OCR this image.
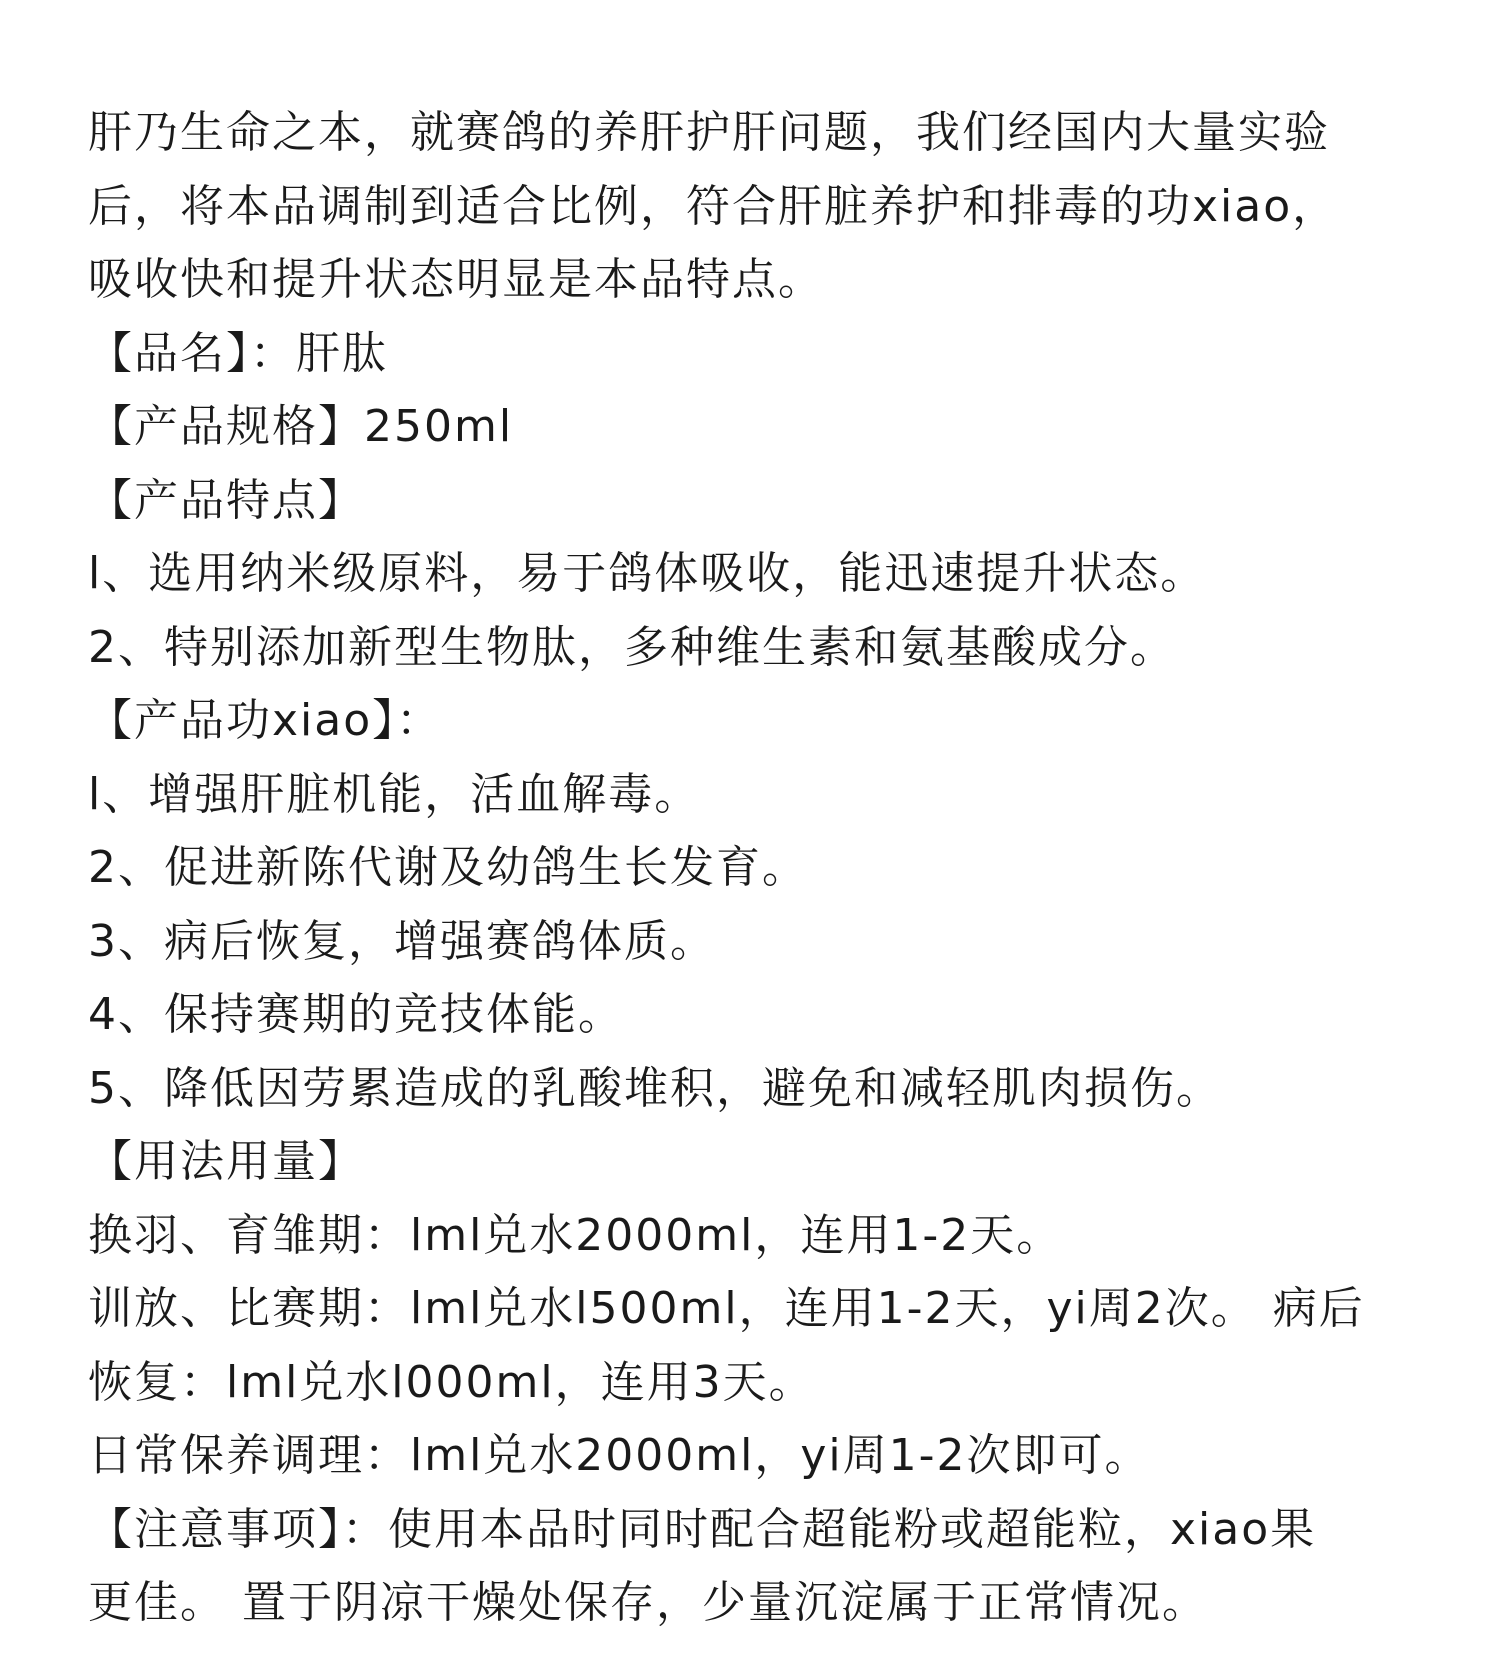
肝乃生命之本，就赛鸽的养肝护肝问题，我们经国内大量实验
后，将本品调制到适合比例，符合肝脏养护和排毒的功xiao，
吸收快和提升状态明显是本品特点。
【品名】：肝肽
【产品规格】250ml
【产品特点】
l、选用纳米级原料，易于鸽体吸收，能迅速提升状态。
2、特别添加新型生物肽，多种维生素和氨基酸成分。
【产品功xiao】：
l、增强肝脏机能，活血解毒。
2、促进新陈代谢及幼鸽生长发育。
3、病后恢复，增强赛鸽体质。
4、保持赛期的竞技体能。
5、降低因劳累造成的乳酸堆积，避免和减轻肌肉损伤。
【用法用量】
换羽、育雏期：lml兑水2000ml，连用1-2天。
训放、比赛期：lml兑水l500ml，连用1-2天，yi周2次。 病后
恢复：lml兑水l000ml，连用3天。
日常保养调理：lml兑水2000ml，yi周1-2次即可。
【注意事项】：使用本品时同时配合超能粉或超能粒，xiao果
更佳。 置于阴凉干燥处保存，少量沉淀属于正常情况。
